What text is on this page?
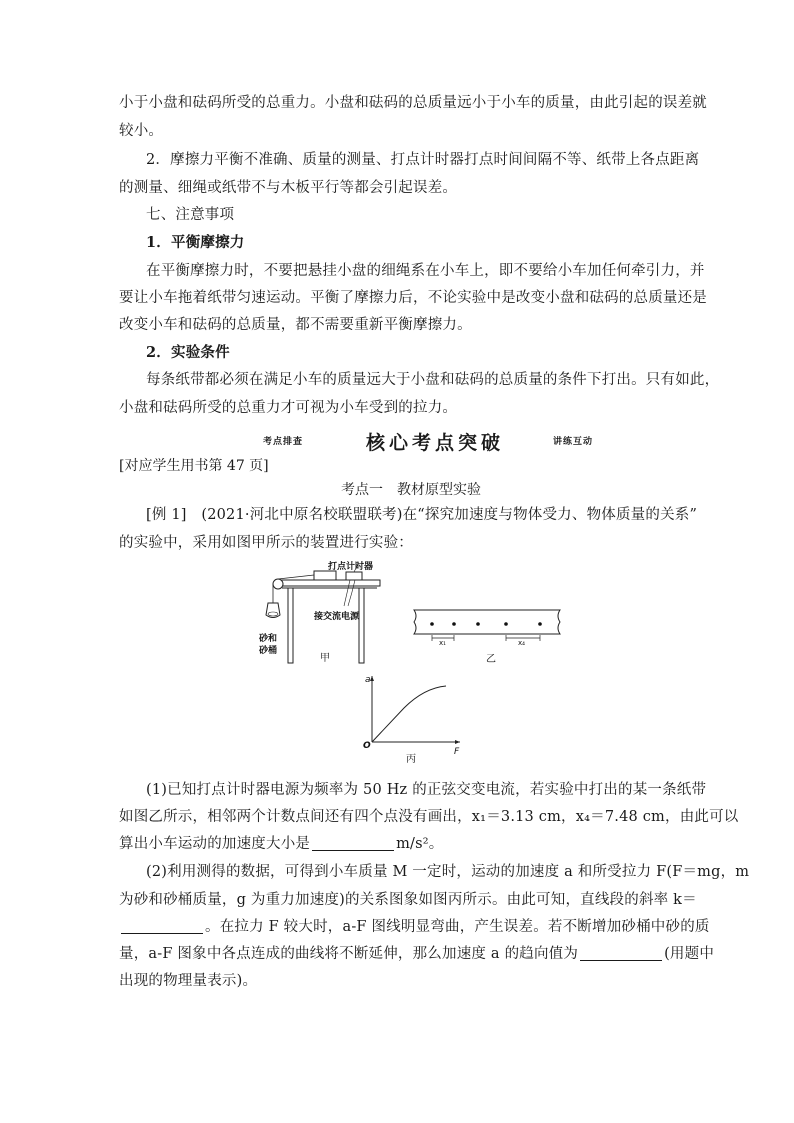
小于小盘和砝码所受的总重力。小盘和砝码的总质量远小于小车的质量，由此引起的误差就
较小。
2．摩擦力平衡不准确、质量的测量、打点计时器打点时间间隔不等、纸带上各点距离
的测量、细绳或纸带不与木板平行等都会引起误差。
七、注意事项
1．平衡摩擦力
在平衡摩擦力时，不要把悬挂小盘的细绳系在小车上，即不要给小车加任何牵引力，并
要让小车拖着纸带匀速运动。平衡了摩擦力后，不论实验中是改变小盘和砝码的总质量还是
改变小车和砝码的总质量，都不需要重新平衡摩擦力。
2．实验条件
每条纸带都必须在满足小车的质量远大于小盘和砝码的总质量的条件下打出。只有如此，
小盘和砝码所受的总重力才可视为小车受到的拉力。
考点排查	核心考点突破	讲练互动
[对应学生用书第 47 页]
考点一　教材原型实验
[例 1]　(2021·河北中原名校联盟联考)在“探究加速度与物体受力、物体质量的关系”
的实验中，采用如图甲所示的装置进行实验：
打点计时器
接交流电源
砂和
砂桶
甲
x₁	x₄
乙
a
F
O
丙
(1)已知打点计时器电源为频率为 50 Hz 的正弦交变电流，若实验中打出的某一条纸带
如图乙所示，相邻两个计数点间还有四个点没有画出，x₁＝3.13 cm，x₄＝7.48 cm，由此可以
算出小车运动的加速度大小是	m/s²。
(2)利用测得的数据，可得到小车质量 M 一定时，运动的加速度 a 和所受拉力 F(F＝mg，m
为砂和砂桶质量，g 为重力加速度)的关系图象如图丙所示。由此可知，直线段的斜率 k＝
。在拉力 F 较大时，a-F 图线明显弯曲，产生误差。若不断增加砂桶中砂的质
量，a-F 图象中各点连成的曲线将不断延伸，那么加速度 a 的趋向值为	(用题中
出现的物理量表示)。
